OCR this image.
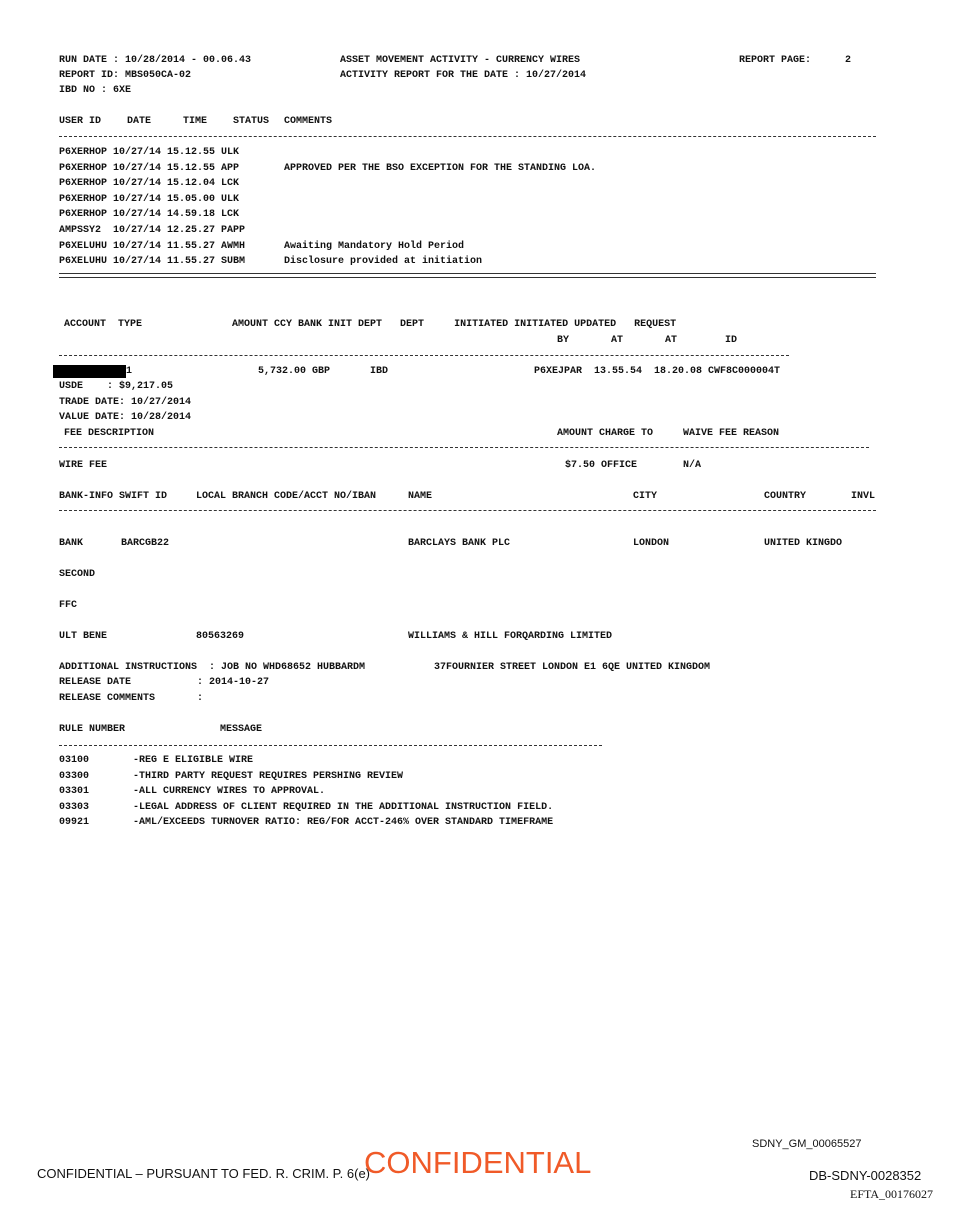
RUN DATE : 10/28/2014 - 00.06.43
REPORT ID: MBS050CA-02
IBD NO : 6XE
ASSET MOVEMENT ACTIVITY - CURRENCY WIRES
ACTIVITY REPORT FOR THE DATE : 10/27/2014
REPORT PAGE:	2
USER ID	DATE	TIME	STATUS COMMENTS
P6XERHOP 10/27/14 15.12.55 ULK
P6XERHOP 10/27/14 15.12.55 APP	APPROVED PER THE BSO EXCEPTION FOR THE STANDING LOA.
P6XERHOP 10/27/14 15.12.04 LCK
P6XERHOP 10/27/14 15.05.00 ULK
P6XERHOP 10/27/14 14.59.18 LCK
AMPSSY2  10/27/14 12.25.27 PAPP
P6XELUHU 10/27/14 11.55.27 AWMH	Awaiting Mandatory Hold Period
P6XELUHU 10/27/14 11.55.27 SUBM	Disclosure provided at initiation
ACCOUNT  TYPE               AMOUNT CCY BANK INIT DEPT   DEPT     INITIATED INITIATED UPDATED   REQUEST
BY       AT       AT        ID
1	5,732.00 GBP	IBD	P6XEJPAR  13.55.54  18.20.08 CWF8C000004T
USDE    : $9,217.05
TRADE DATE: 10/27/2014
VALUE DATE: 10/28/2014
FEE DESCRIPTION	AMOUNT CHARGE TO	WAIVE FEE REASON
WIRE FEE	$7.50 OFFICE	N/A
BANK-INFO SWIFT ID	LOCAL BRANCH CODE/ACCT NO/IBAN	NAME	CITY	COUNTRY	INVL
BANK	BARCGB22	BARCLAYS BANK PLC	LONDON	UNITED KINGDO
SECOND
FFC
ULT BENE	80563269	WILLIAMS & HILL FORQARDING LIMITED
ADDITIONAL INSTRUCTIONS  : JOB NO WHD68652 HUBBARDM	37FOURNIER STREET LONDON E1 6QE UNITED KINGDOM
RELEASE DATE           : 2014-10-27
RELEASE COMMENTS       :
RULE NUMBER	MESSAGE
03100	-REG E ELIGIBLE WIRE
03300	-THIRD PARTY REQUEST REQUIRES PERSHING REVIEW
03301	-ALL CURRENCY WIRES TO APPROVAL.
03303	-LEGAL ADDRESS OF CLIENT REQUIRED IN THE ADDITIONAL INSTRUCTION FIELD.
09921	-AML/EXCEEDS TURNOVER RATIO: REG/FOR ACCT-246% OVER STANDARD TIMEFRAME
CONFIDENTIAL – PURSUANT TO FED. R. CRIM. P. 6(e)
CONFIDENTIAL
SDNY_GM_00065527
DB-SDNY-0028352
EFTA_00176027
